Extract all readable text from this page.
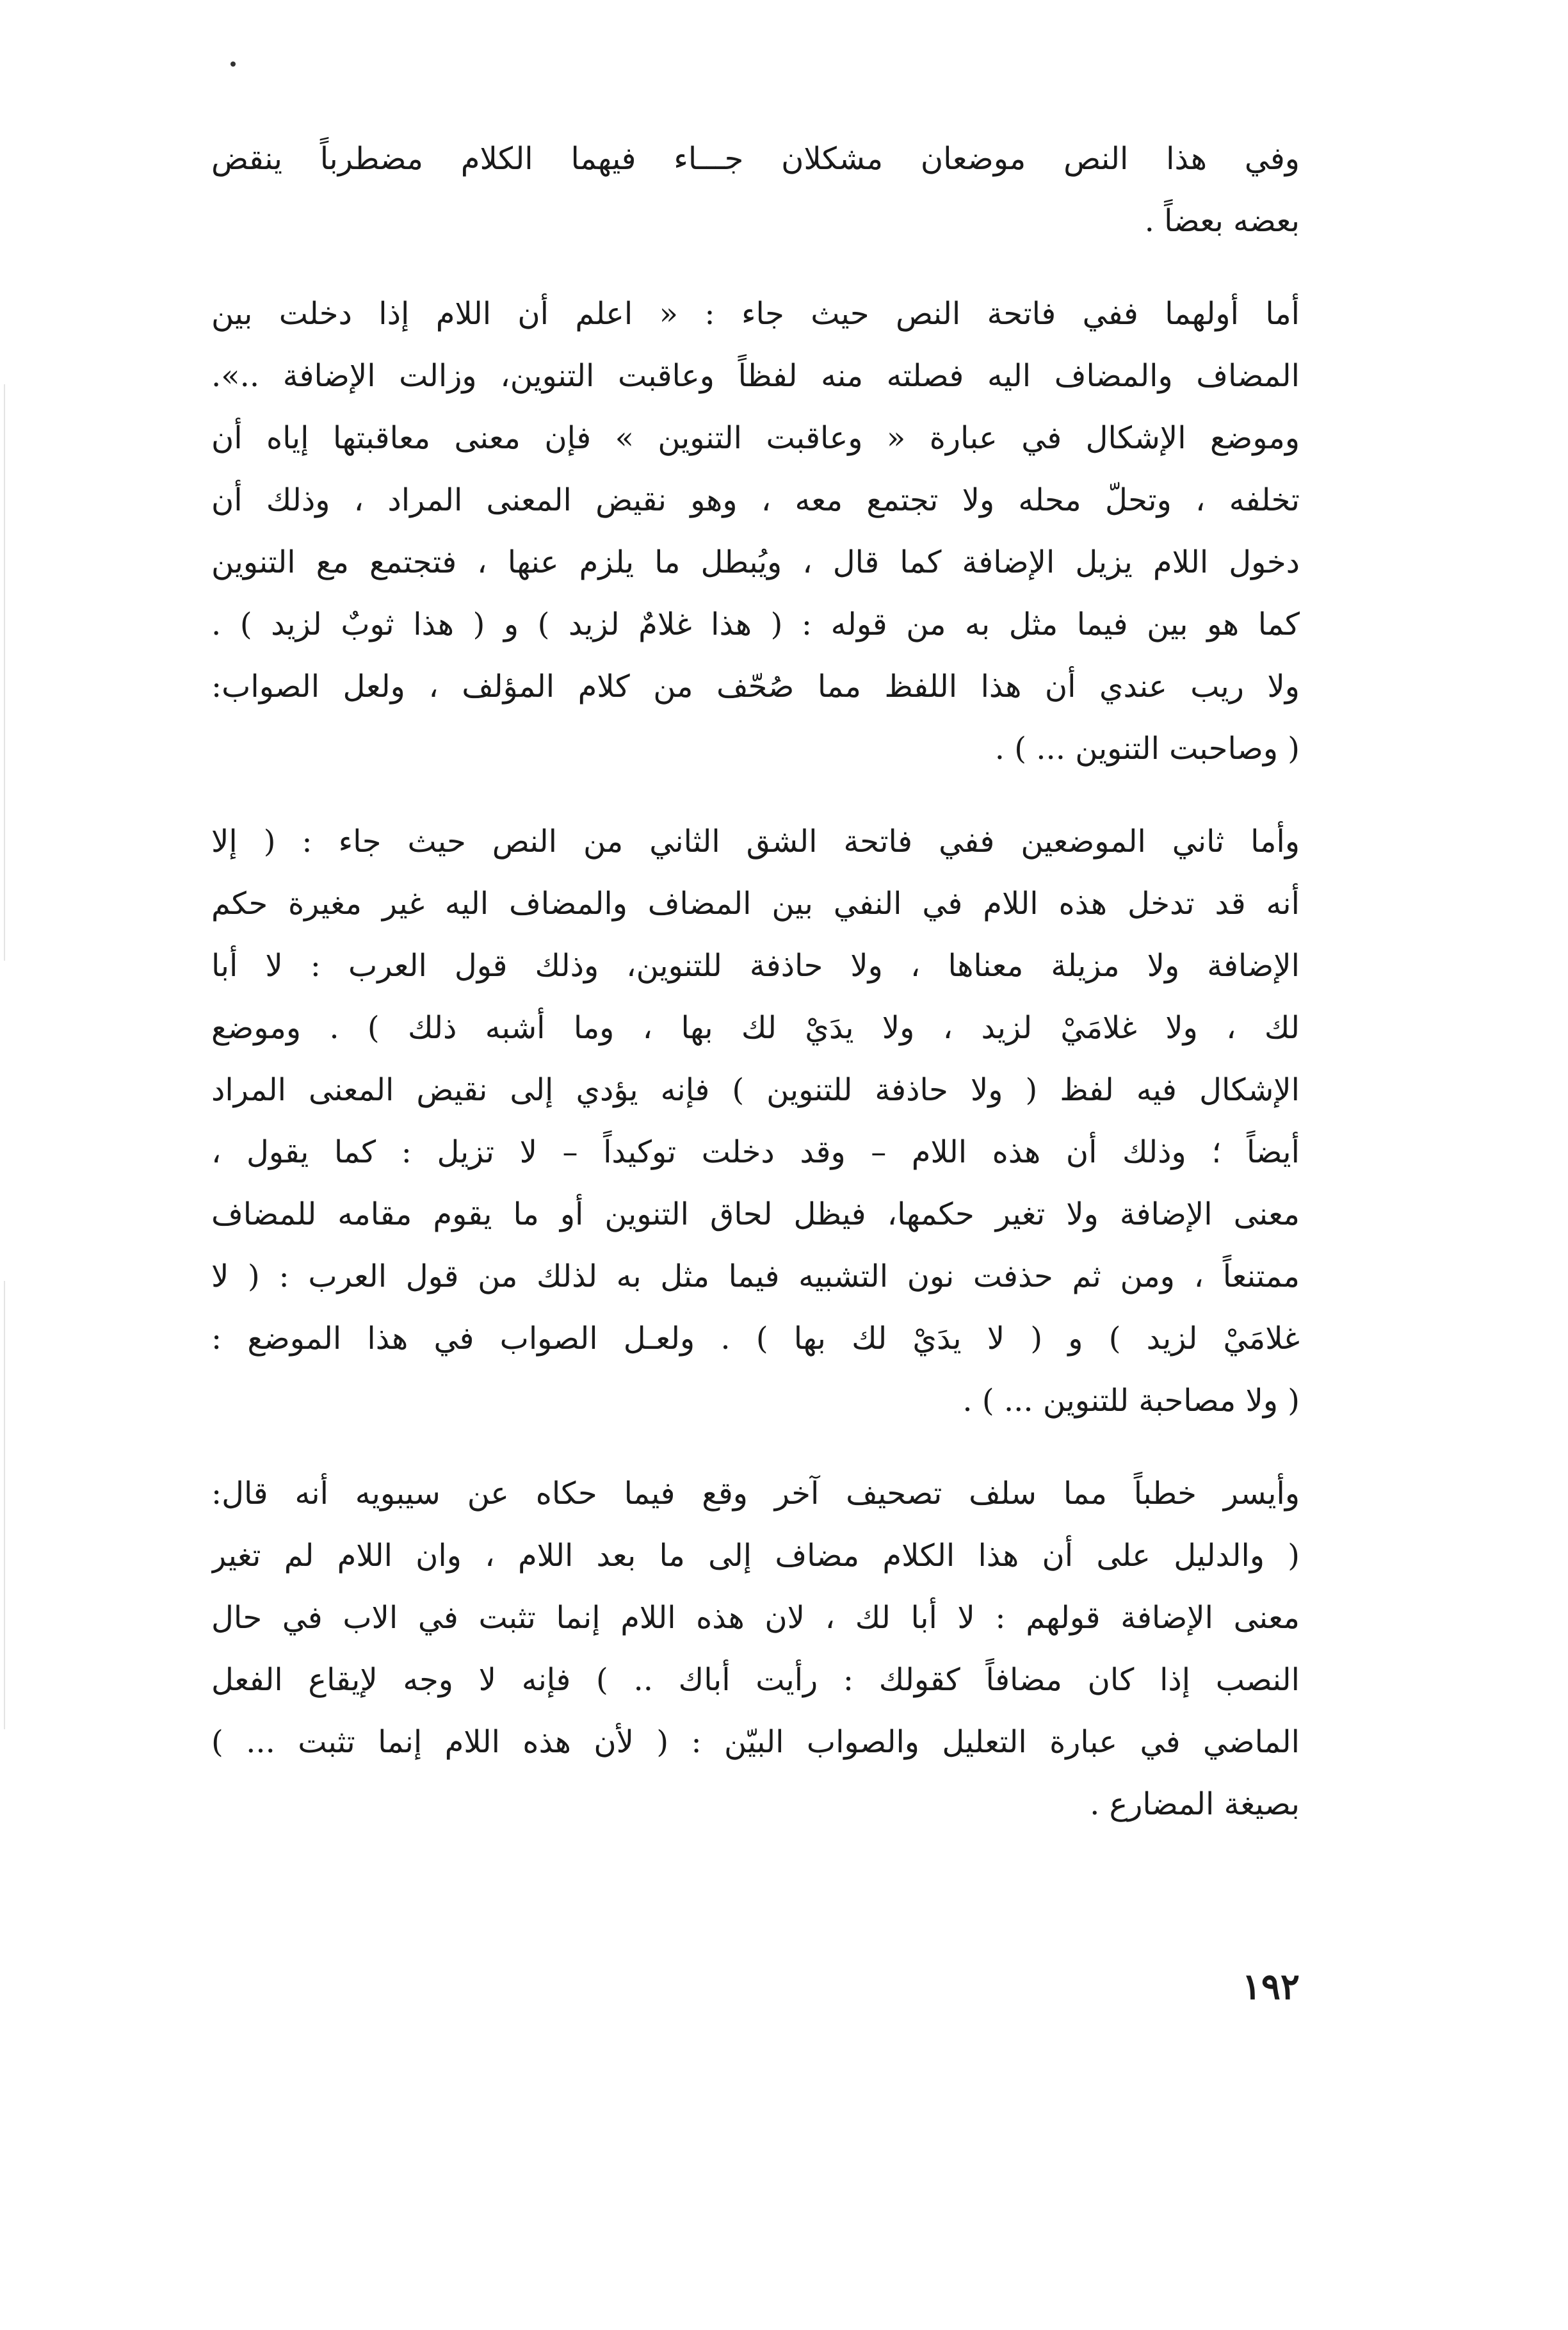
وفي هذا النص موضعان مشكلان جـــاء فيهما الكلام مضطرباً ينقض
بعضه بعضاً .
أما أولهما ففي فاتحة النص حيث جاء : « اعلم أن اللام إذا دخلت بين
المضاف والمضاف اليه فصلته منه لفظاً وعاقبت التنوين، وزالت الإضافة ..».
وموضع الإشكال في عبارة « وعاقبت التنوين » فإن معنى معاقبتها إياه أن
تخلفه ، وتحلّ محله ولا تجتمع معه ، وهو نقيض المعنى المراد ، وذلك أن
دخول اللام يزيل الإضافة كما قال ، ويُبطل ما يلزم عنها ، فتجتمع مع التنوين
كما هو بين فيما مثل به من قوله : ( هذا غلامٌ لزيد ) و ( هذا ثوبٌ لزيد ) .
ولا ريب عندي أن هذا اللفظ مما صُحّف من كلام المؤلف ، ولعل الصواب:
( وصاحبت التنوين ... ) .
وأما ثاني الموضعين ففي فاتحة الشق الثاني من النص حيث جاء : ( إلا
أنه قد تدخل هذه اللام في النفي بين المضاف والمضاف اليه غير مغيرة حكم
الإضافة ولا مزيلة معناها ، ولا حاذفة للتنوين، وذلك قول العرب : لا أبا
لك ، ولا غلامَيْ لزيد ، ولا يدَيْ لك بها ، وما أشبه ذلك ) . وموضع
الإشكال فيه لفظ ( ولا حاذفة للتنوين ) فإنه يؤدي إلى نقيض المعنى المراد
أيضاً ؛ وذلك أن هذه اللام – وقد دخلت توكيداً – لا تزيل : كما يقول ،
معنى الإضافة ولا تغير حكمها، فيظل لحاق التنوين أو ما يقوم مقامه للمضاف
ممتنعاً ، ومن ثم حذفت نون التشبيه فيما مثل به لذلك من قول العرب : ( لا
غلامَيْ لزيد ) و ( لا يدَيْ لك بها ) . ولعـل الصواب في هذا الموضع :
( ولا مصاحبة للتنوين ... ) .
وأيسر خطباً مما سلف تصحيف آخر وقع فيما حكاه عن سيبويه أنه قال:
( والدليل على أن هذا الكلام مضاف إلى ما بعد اللام ، وان اللام لم تغير
معنى الإضافة قولهم : لا أبا لك ، لان هذه اللام إنما تثبت في الاب في حال
النصب إذا كان مضافاً كقولك : رأيت أباك .. ) فإنه لا وجه لإيقاع الفعل
الماضي في عبارة التعليل والصواب البيّن : ( لأن هذه اللام إنما تثبت ... )
بصيغة المضارع .
١٩٢
